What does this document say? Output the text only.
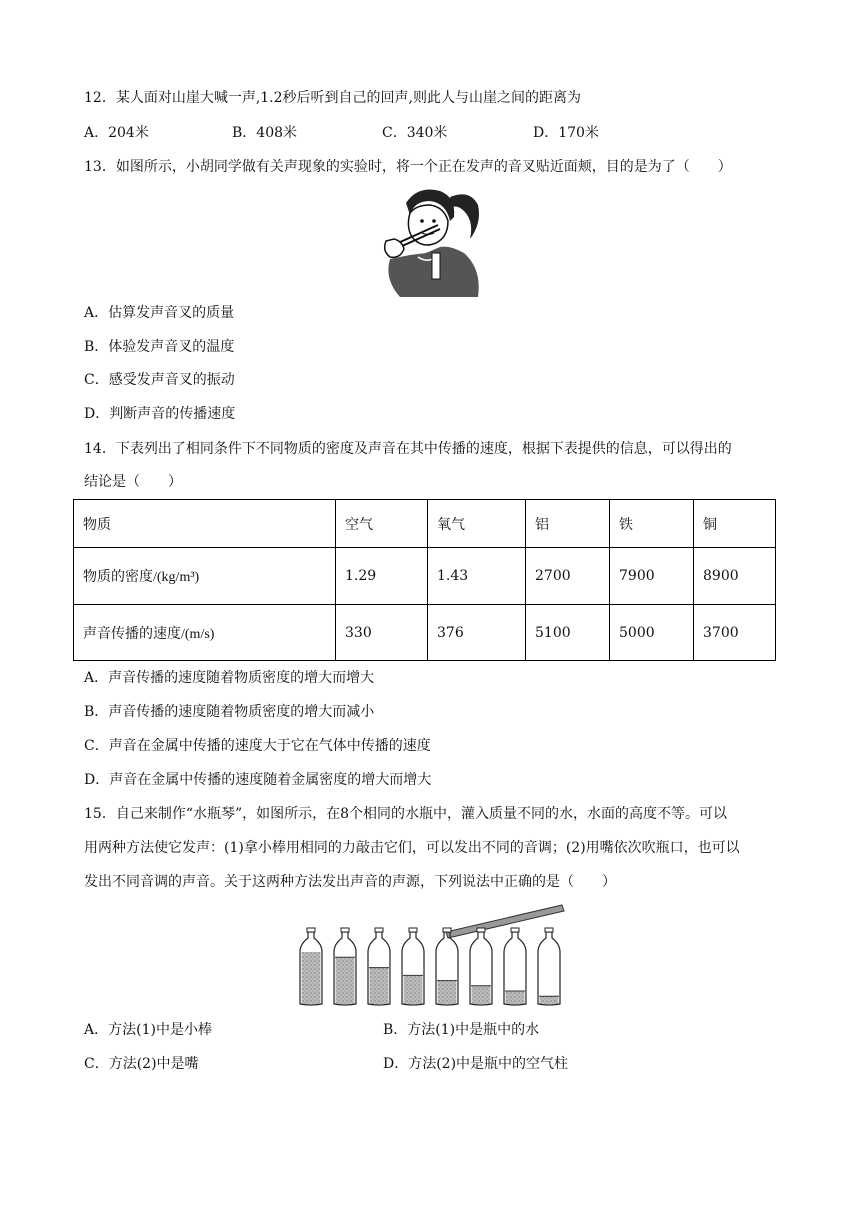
12．某人面对山崖大喊一声,1.2秒后听到自己的回声,则此人与山崖之间的距离为
A．204米	B．408米	C．340米	D．170米
13．如图所示，小胡同学做有关声现象的实验时，将一个正在发声的音叉贴近面颊，目的是为了（　　）
A．估算发声音叉的质量
B．体验发声音叉的温度
C．感受发声音叉的振动
D．判断声音的传播速度
14．下表列出了相同条件下不同物质的密度及声音在其中传播的速度，根据下表提供的信息，可以得出的
结论是（　　）
物质	空气	氧气	铝	铁	铜
物质的密度/(kg/m³)	1.29	1.43	2700	7900	8900
声音传播的速度/(m/s)	330	376	5100	5000	3700
A．声音传播的速度随着物质密度的增大而增大
B．声音传播的速度随着物质密度的增大而减小
C．声音在金属中传播的速度大于它在气体中传播的速度
D．声音在金属中传播的速度随着金属密度的增大而增大
15．自己来制作“水瓶琴”，如图所示，在8个相同的水瓶中，灌入质量不同的水，水面的高度不等。可以
用两种方法使它发声：(1)拿小棒用相同的力敲击它们，可以发出不同的音调；(2)用嘴依次吹瓶口，也可以
发出不同音调的声音。关于这两种方法发出声音的声源，下列说法中正确的是（　　）
A．方法(1)中是小棒	B．方法(1)中是瓶中的水
C．方法(2)中是嘴	D．方法(2)中是瓶中的空气柱
